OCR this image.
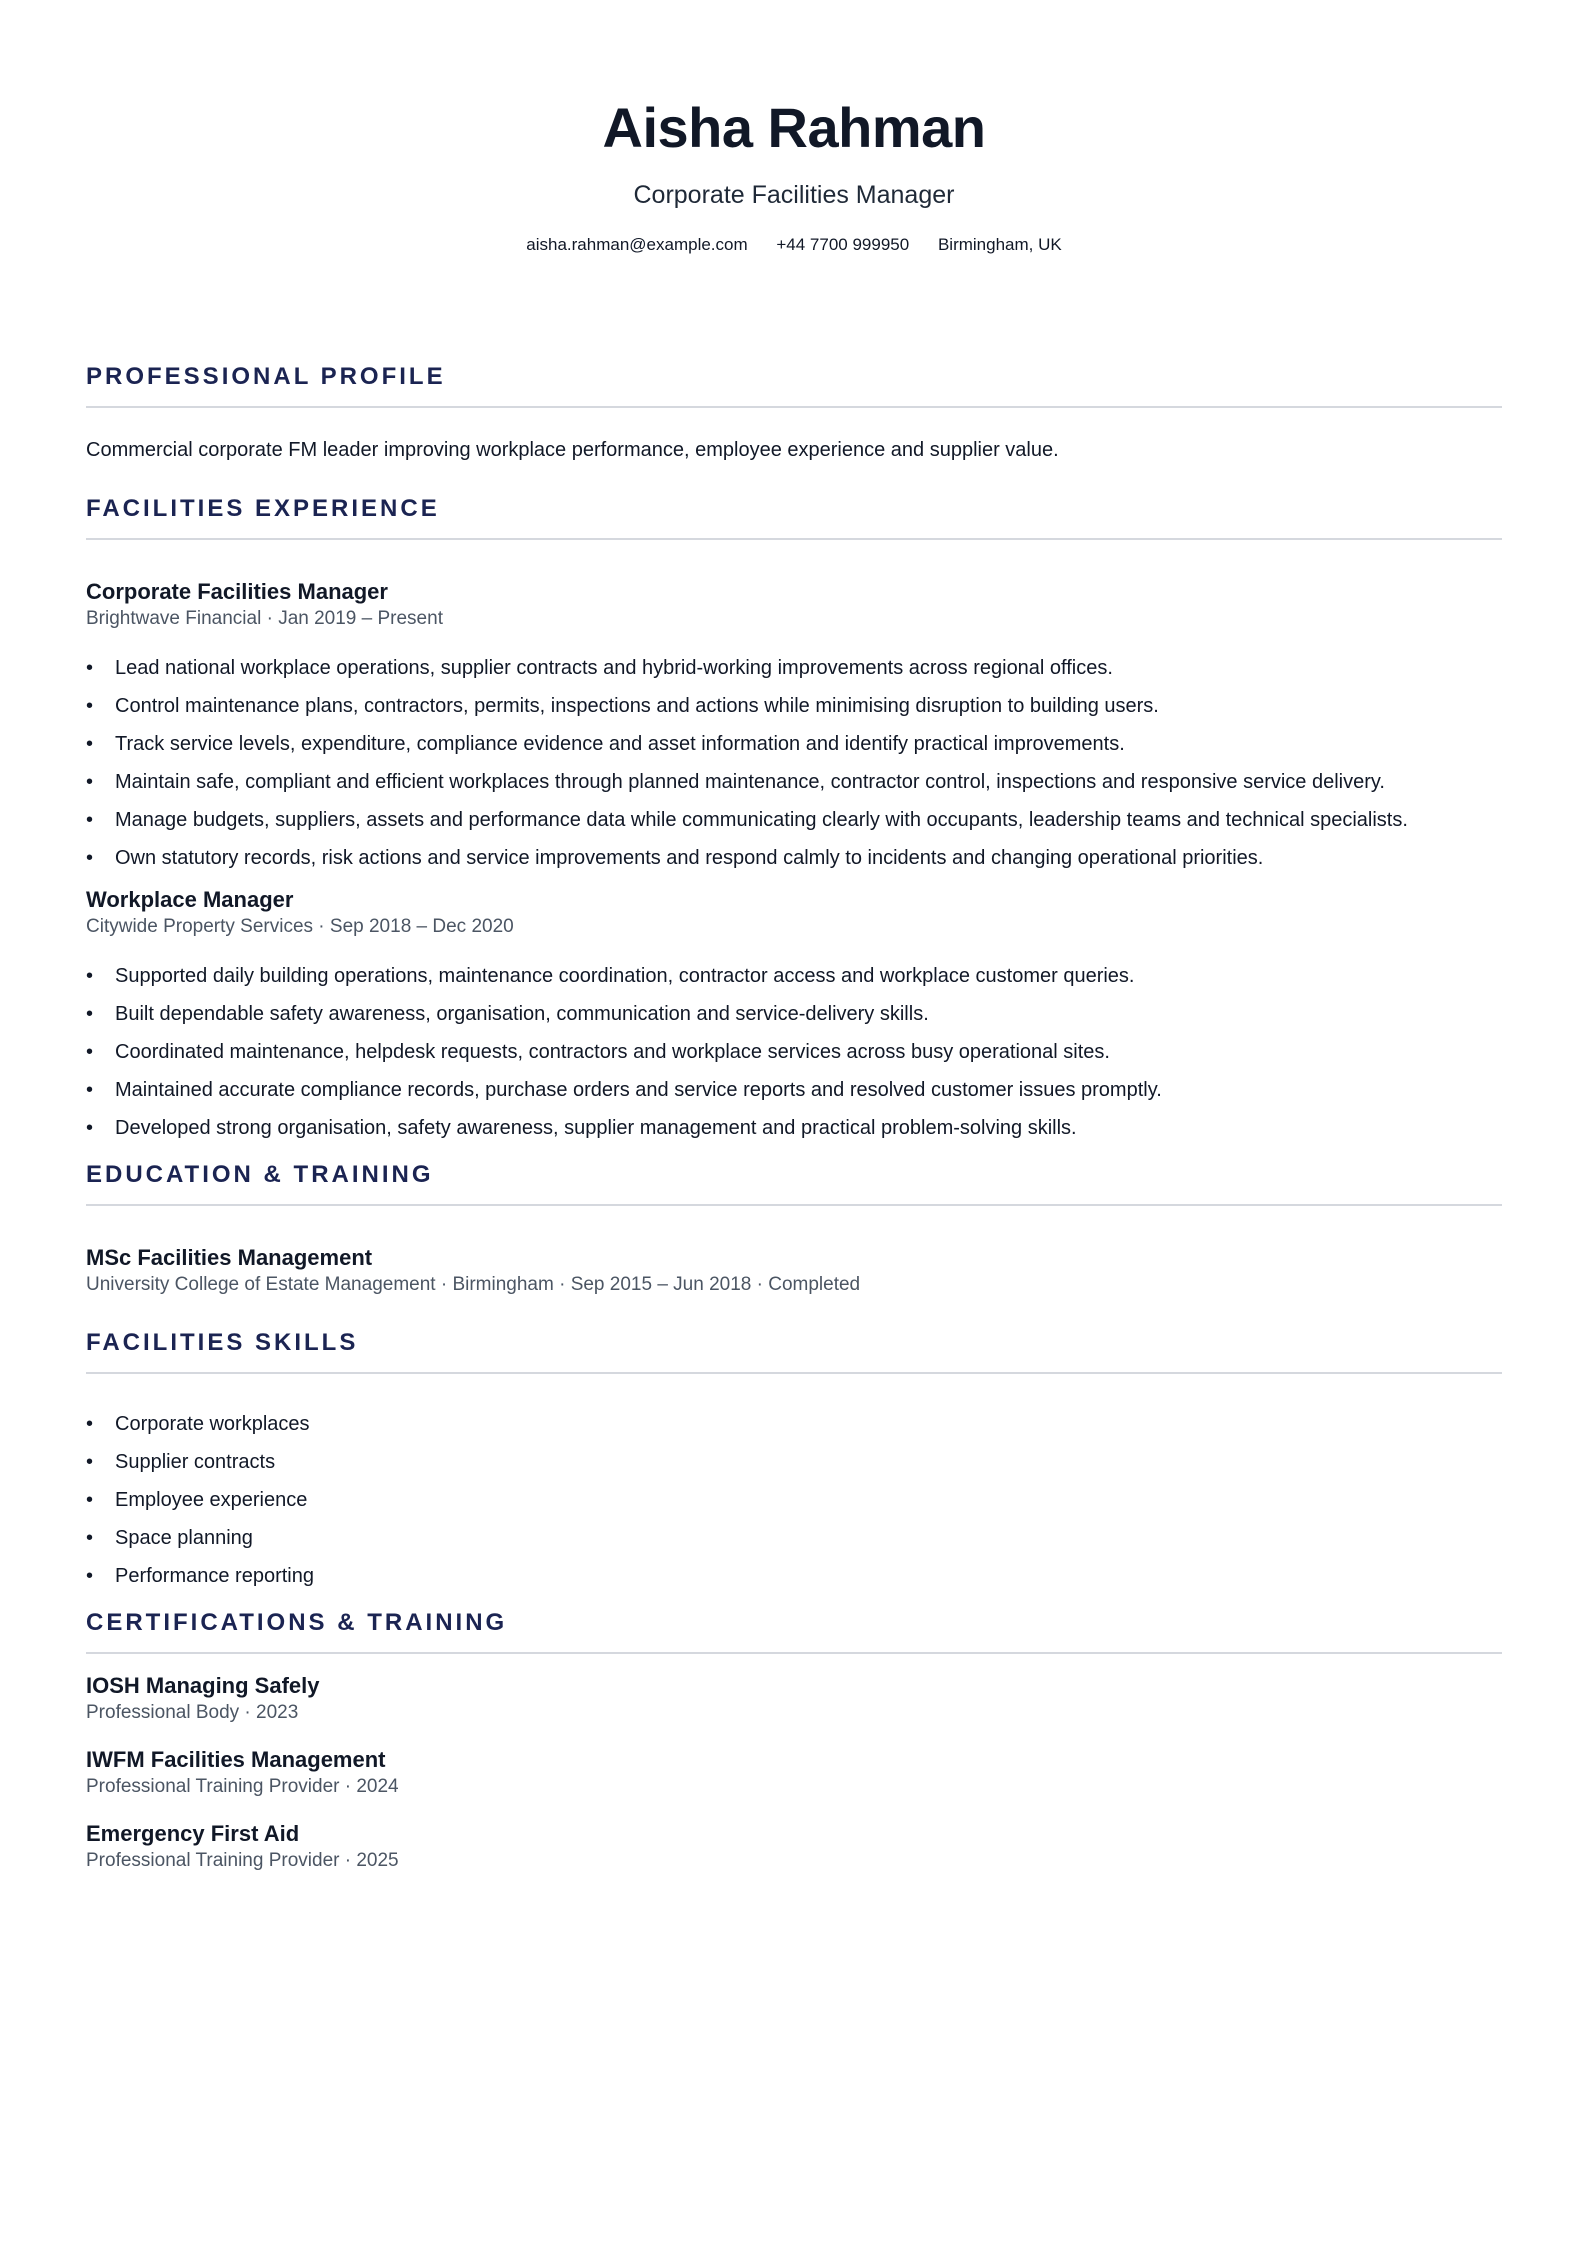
Aisha Rahman
Corporate Facilities Manager
aisha.rahman@example.com +44 7700 999950 Birmingham, UK
PROFESSIONAL PROFILE
Commercial corporate FM leader improving workplace performance, employee experience and supplier value.
FACILITIES EXPERIENCE
Corporate Facilities Manager
Brightwave Financial · Jan 2019 – Present
• Lead national workplace operations, supplier contracts and hybrid-working improvements across regional offices.
• Control maintenance plans, contractors, permits, inspections and actions while minimising disruption to building users.
• Track service levels, expenditure, compliance evidence and asset information and identify practical improvements.
• Maintain safe, compliant and efficient workplaces through planned maintenance, contractor control, inspections and responsive service delivery.
• Manage budgets, suppliers, assets and performance data while communicating clearly with occupants, leadership teams and technical specialists.
• Own statutory records, risk actions and service improvements and respond calmly to incidents and changing operational priorities.
Workplace Manager
Citywide Property Services · Sep 2018 – Dec 2020
• Supported daily building operations, maintenance coordination, contractor access and workplace customer queries.
• Built dependable safety awareness, organisation, communication and service-delivery skills.
• Coordinated maintenance, helpdesk requests, contractors and workplace services across busy operational sites.
• Maintained accurate compliance records, purchase orders and service reports and resolved customer issues promptly.
• Developed strong organisation, safety awareness, supplier management and practical problem-solving skills.
EDUCATION & TRAINING
MSc Facilities Management
University College of Estate Management · Birmingham · Sep 2015 – Jun 2018 · Completed
FACILITIES SKILLS
• Corporate workplaces
• Supplier contracts
• Employee experience
• Space planning
• Performance reporting
CERTIFICATIONS & TRAINING
IOSH Managing Safely
Professional Body · 2023
IWFM Facilities Management
Professional Training Provider · 2024
Emergency First Aid
Professional Training Provider · 2025
